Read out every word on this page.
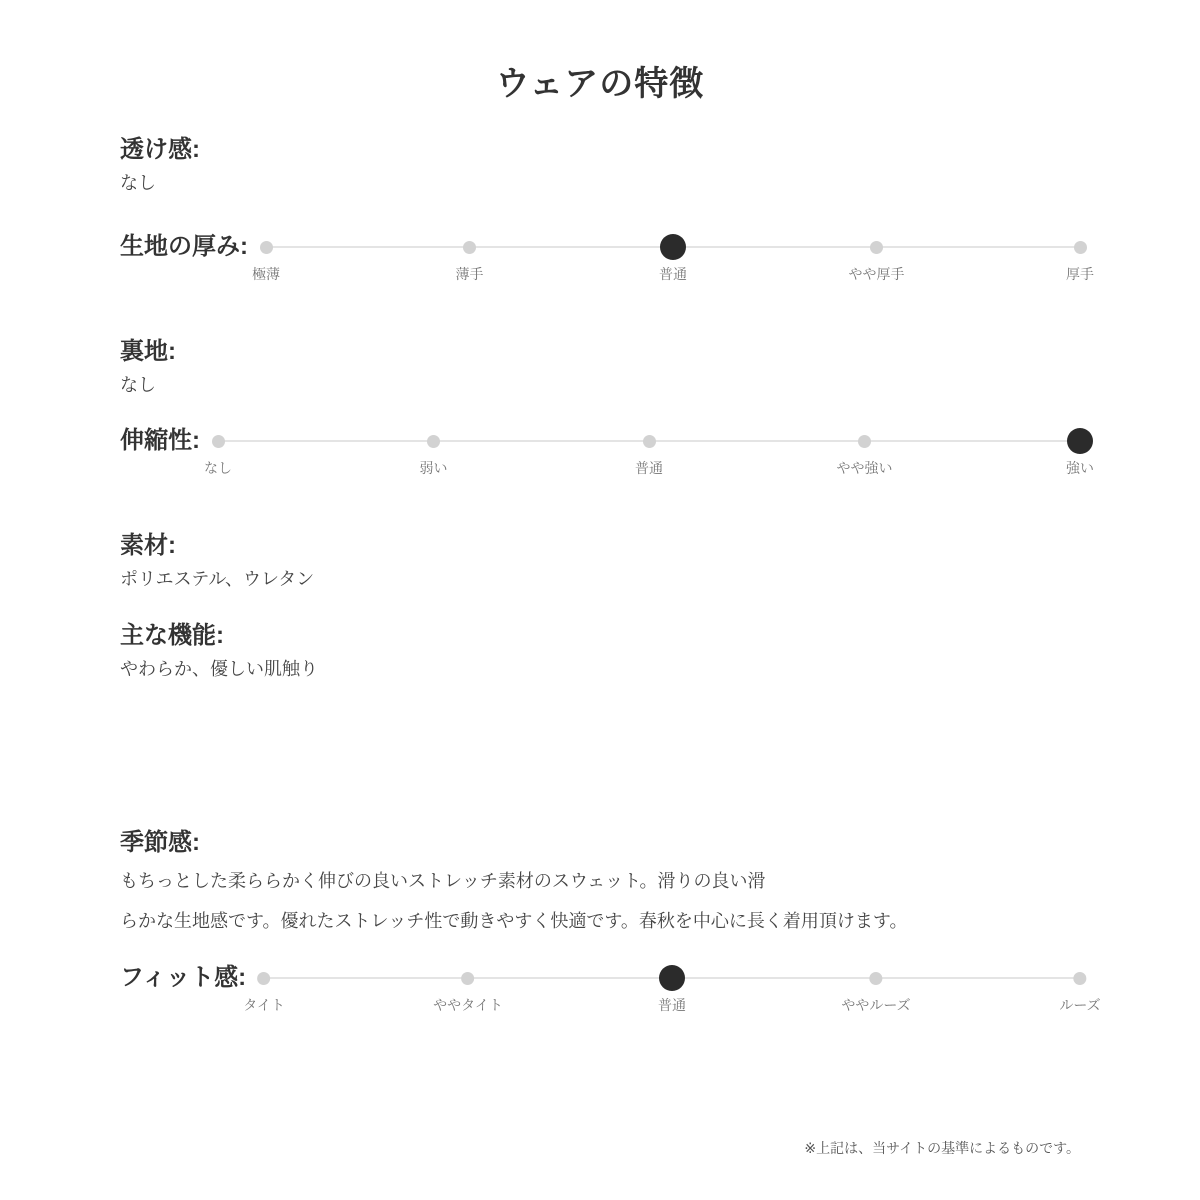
ウェアの特徴
透け感:
なし
生地の厚み:
極薄	薄手	普通	やや厚手	厚手
裏地:
なし
伸縮性:
なし	弱い	普通	やや強い	強い
素材:
ポリエステル、ウレタン
主な機能:
やわらか、優しい肌触り
季節感:
もちっとした柔ららかく伸びの良いストレッチ素材のスウェット。滑りの良い滑
らかな生地感です。優れたストレッチ性で動きやすく快適です。春秋を中心に長く着用頂けます。
フィット感:
タイト	ややタイト	普通	ややルーズ	ルーズ
※上記は、当サイトの基準によるものです。
